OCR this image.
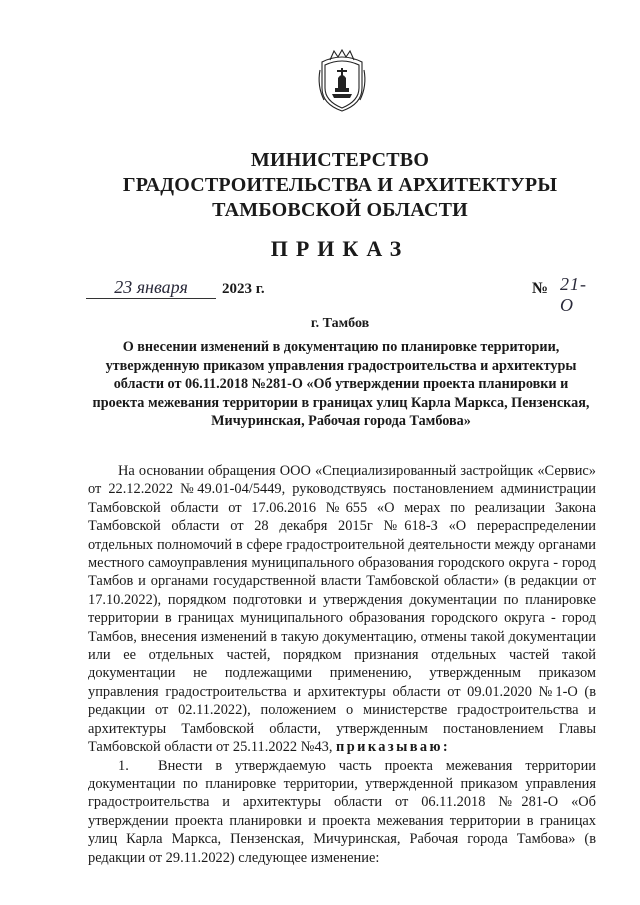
МИНИСТЕРСТВО
ГРАДОСТРОИТЕЛЬСТВА И АРХИТЕКТУРЫ
ТАМБОВСКОЙ ОБЛАСТИ
ПРИКАЗ
23 января	2023 г.	№ 21-О
г. Тамбов
О внесении изменений в документацию по планировке территории, утвержденную приказом управления градостроительства и архитектуры области от 06.11.2018 №281-О «Об утверждении проекта планировки и проекта межевания территории в границах улиц Карла Маркса, Пензенская, Мичуринская, Рабочая города Тамбова»

На основании обращения ООО «Специализированный застройщик «Сервис» от 22.12.2022 №49.01-04/5449, руководствуясь постановлением администрации Тамбовской области от 17.06.2016 №655 «О мерах по реализации Закона Тамбовской области от 28 декабря 2015г №618-З «О перераспределении отдельных полномочий в сфере градостроительной деятельности между органами местного самоуправления муниципального образования городского округа - город Тамбов и органами государственной власти Тамбовской области» (в редакции от 17.10.2022), порядком подготовки и утверждения документации по планировке территории в границах муниципального образования городского округа - город Тамбов, внесения изменений в такую документацию, отмены такой документации или ее отдельных частей, порядком признания отдельных частей такой документации не подлежащими применению, утвержденным приказом управления градостроительства и архитектуры области от 09.01.2020 №1-О (в редакции от 02.11.2022), положением о министерстве градостроительства и архитектуры Тамбовской области, утвержденным постановлением Главы Тамбовской области от 25.11.2022 №43, приказываю:

1. Внести в утверждаемую часть проекта межевания территории документации по планировке территории, утвержденной приказом управления градостроительства и архитектуры области от 06.11.2018 №281-О «Об утверждении проекта планировки и проекта межевания территории в границах улиц Карла Маркса, Пензенская, Мичуринская, Рабочая города Тамбова» (в редакции от 29.11.2022) следующее изменение:
